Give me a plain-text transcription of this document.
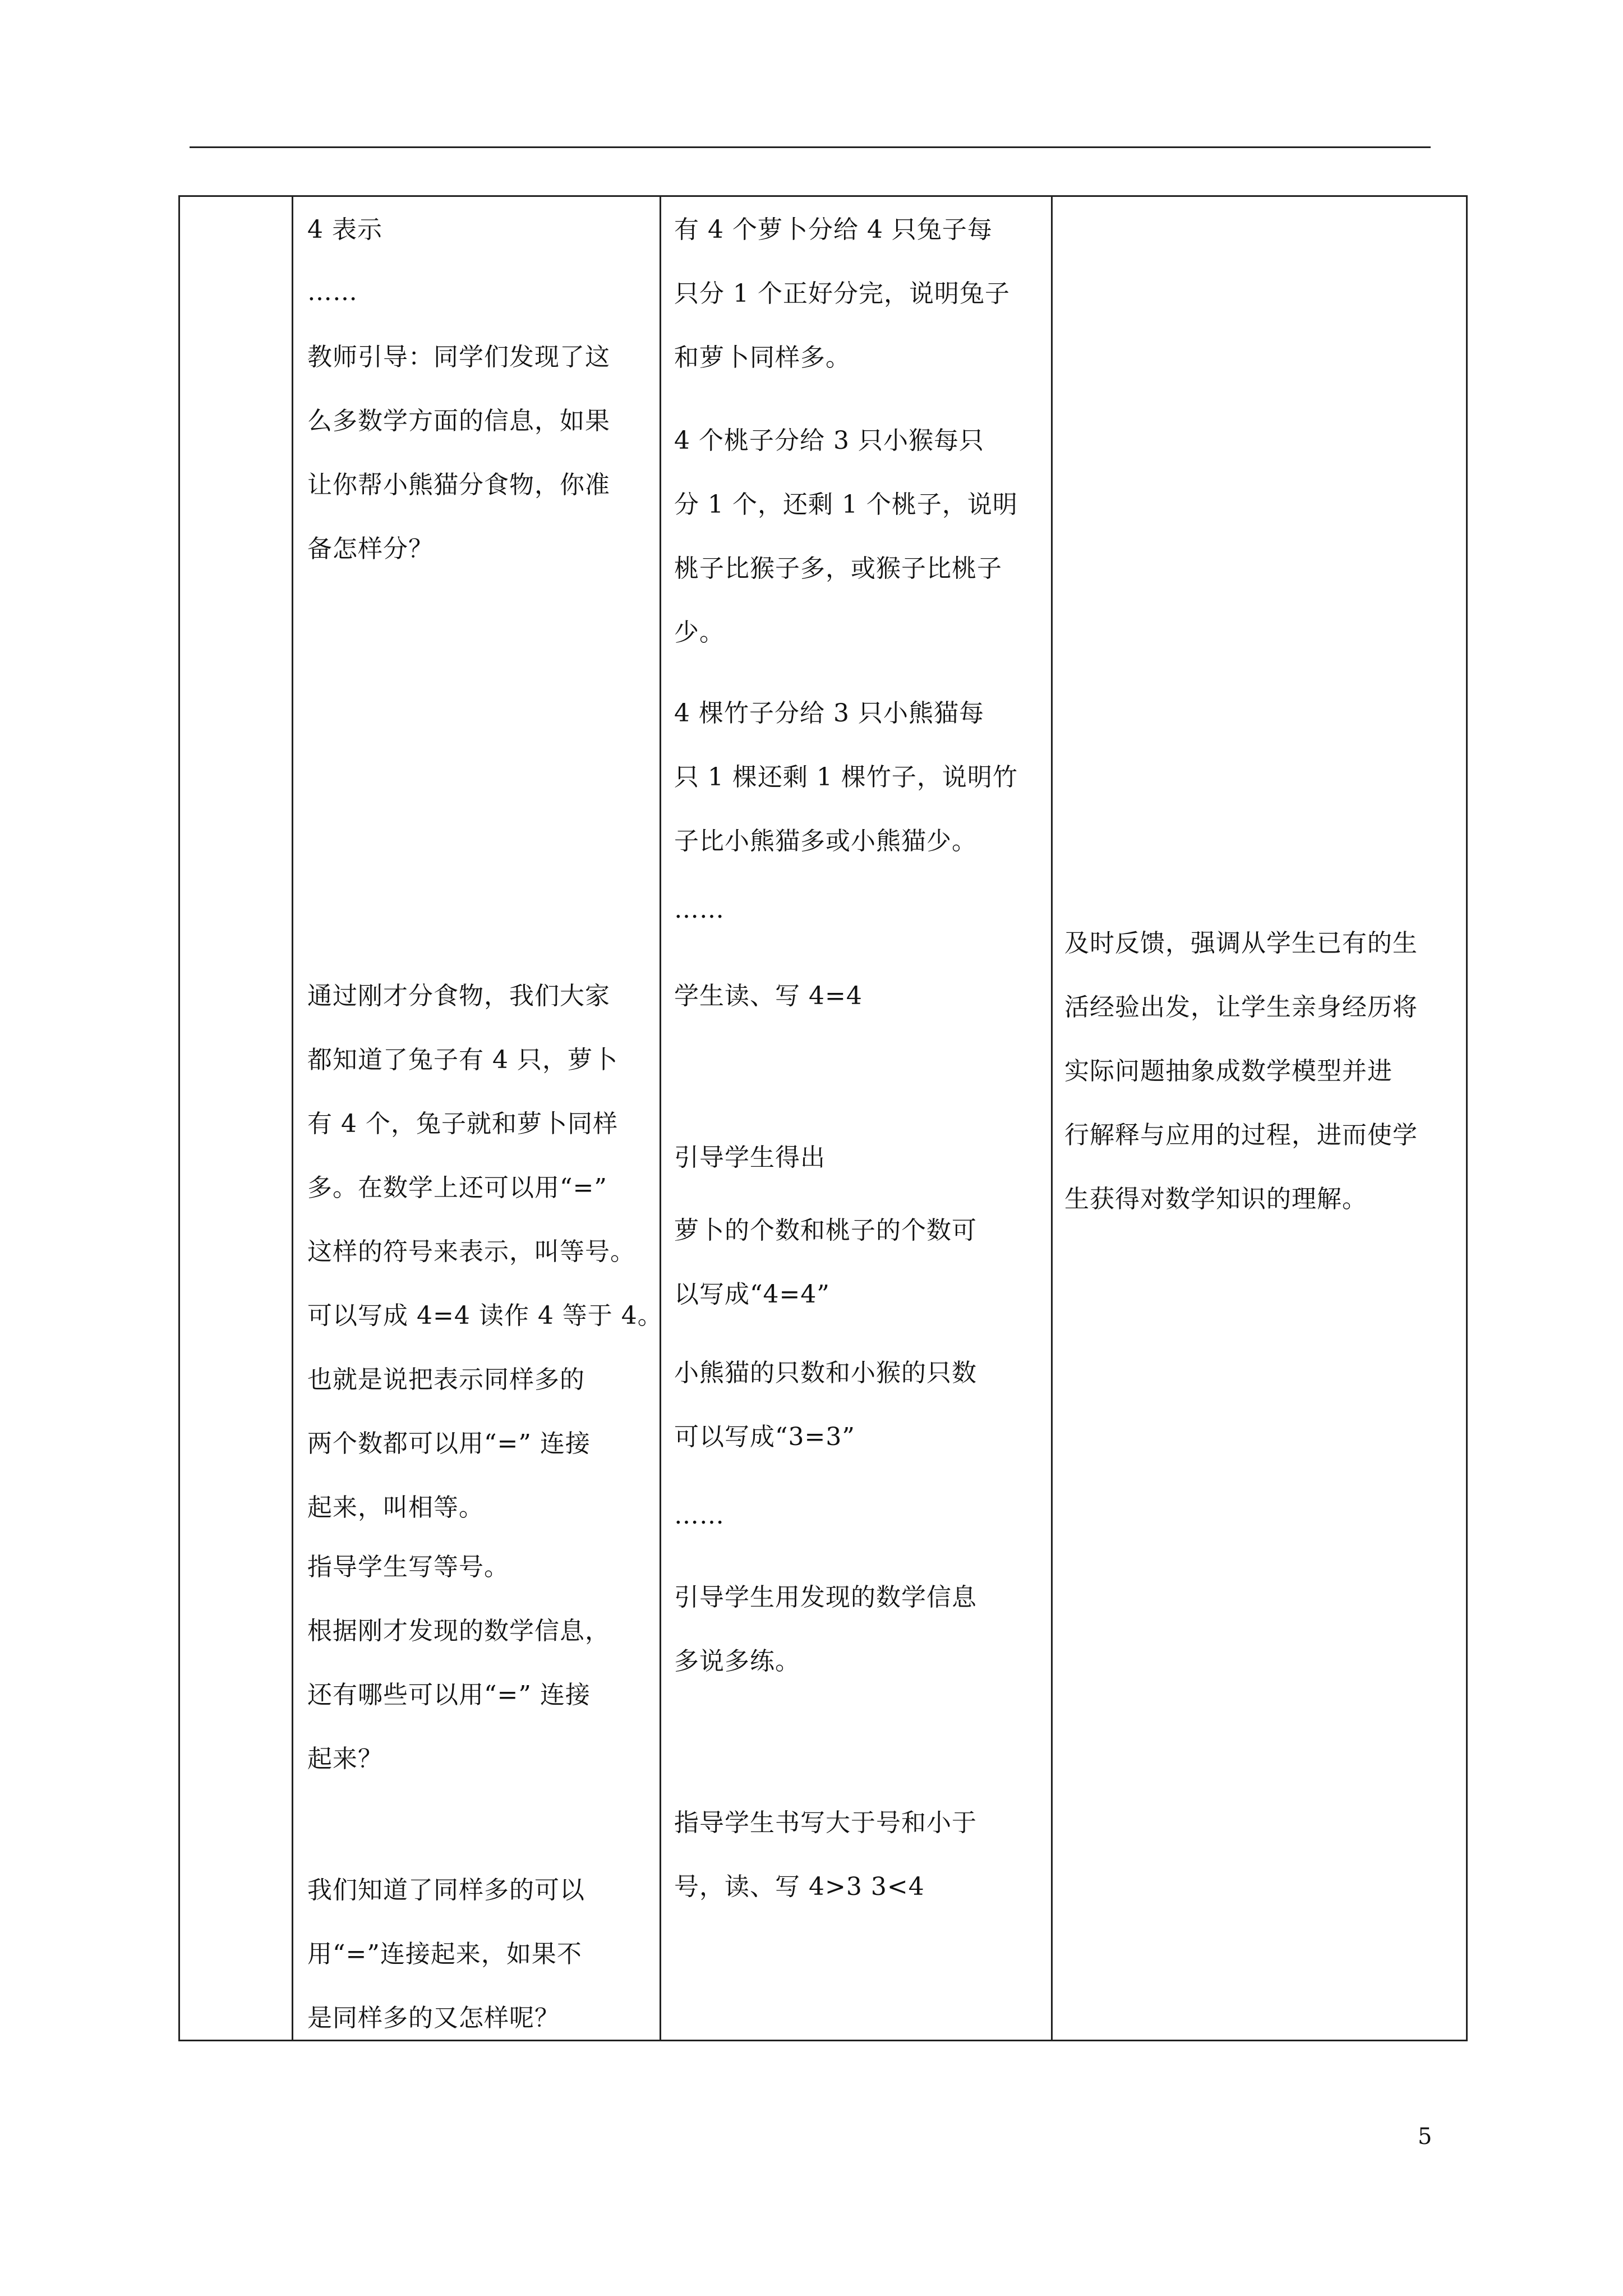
4 表示
……
教师引导：同学们发现了这
么多数学方面的信息，如果
让你帮小熊猫分食物，你准
备怎样分？
通过刚才分食物，我们大家
都知道了兔子有 4 只，萝卜
有 4 个，兔子就和萝卜同样
多。在数学上还可以用“=”
这样的符号来表示，叫等号。
可以写成 4=4 读作 4 等于 4。
也就是说把表示同样多的
两个数都可以用“=” 连接
起来，叫相等。
指导学生写等号。
根据刚才发现的数学信息，
还有哪些可以用“=” 连接
起来？
我们知道了同样多的可以
用“=”连接起来，如果不
是同样多的又怎样呢？
有 4 个萝卜分给 4 只兔子每
只分 1 个正好分完，说明兔子
和萝卜同样多。
4 个桃子分给 3 只小猴每只
分 1 个，还剩 1 个桃子，说明
桃子比猴子多，或猴子比桃子
少。
4 棵竹子分给 3 只小熊猫每
只 1 棵还剩 1 棵竹子，说明竹
子比小熊猫多或小熊猫少。
……
学生读、写 4=4
引导学生得出
萝卜的个数和桃子的个数可
以写成“4=4”
小熊猫的只数和小猴的只数
可以写成“3=3”
……
引导学生用发现的数学信息
多说多练。
指导学生书写大于号和小于
号，读、写 4>3 3<4
及时反馈，强调从学生已有的生
活经验出发，让学生亲身经历将
实际问题抽象成数学模型并进
行解释与应用的过程，进而使学
生获得对数学知识的理解。
5
